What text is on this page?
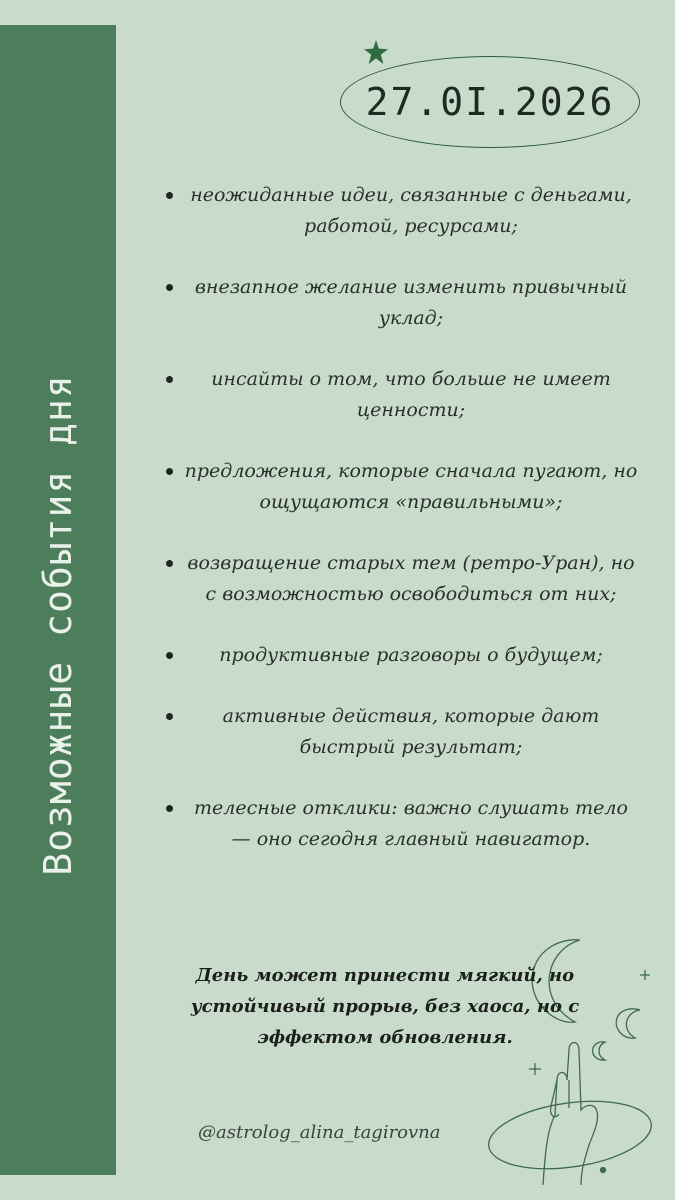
Возможные события дня
27.0I.2026
неожиданные идеи, связанные с деньгами, работой, ресурсами;
внезапное желание изменить привычный уклад;
инсайты о том, что больше не имеет ценности;
предложения, которые сначала пугают, но ощущаются «правильными»;
возвращение старых тем (ретро-Уран), но с возможностью освободиться от них;
продуктивные разговоры о будущем;
активные действия, которые дают быстрый результат;
телесные отклики: важно слушать тело — оно сегодня главный навигатор.
День может принести мягкий, но устойчивый прорыв, без хаоса, но с эффектом обновления.
@astrolog_alina_tagirovna
